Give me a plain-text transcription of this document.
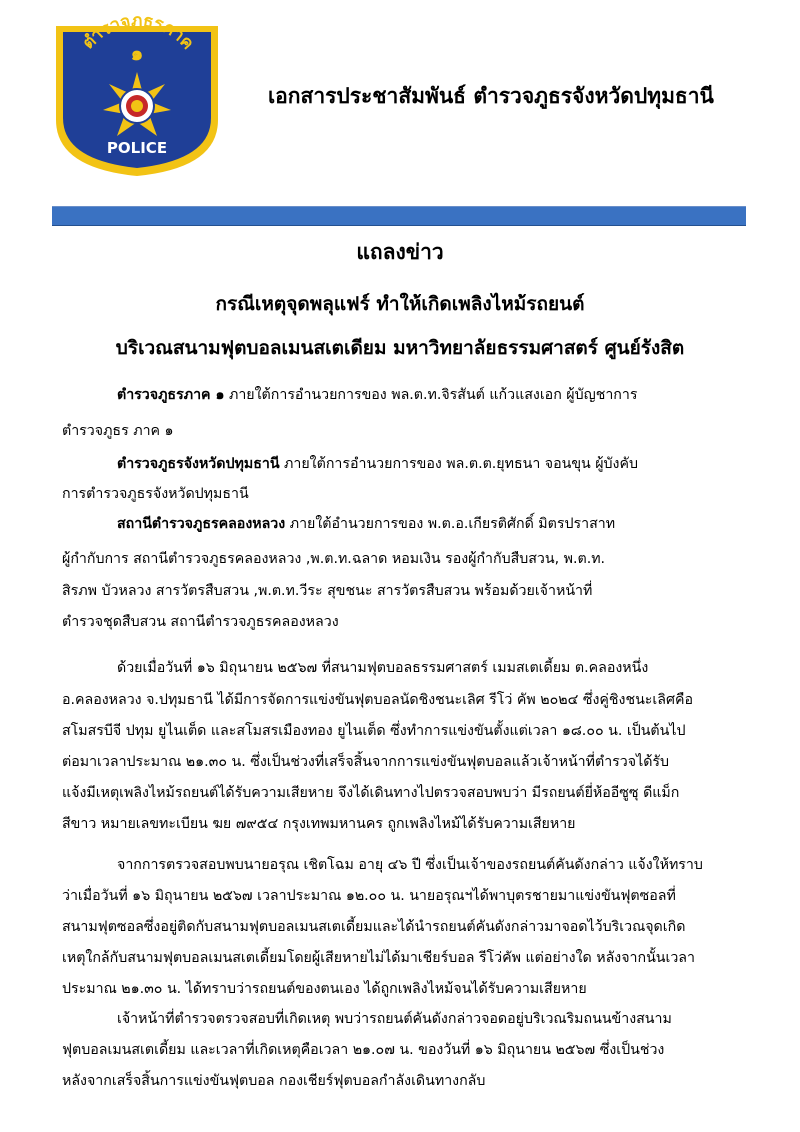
ตำรวจภูธรภาค
๑
POLICE
เอกสารประชาสัมพันธ์ ตำรวจภูธรจังหวัดปทุมธานี
แถลงข่าว
กรณีเหตุจุดพลุแฟร์ ทำให้เกิดเพลิงไหม้รถยนต์
บริเวณสนามฟุตบอลเมนสเตเดียม มหาวิทยาลัยธรรมศาสตร์ ศูนย์รังสิต
ตำรวจภูธรภาค ๑ ภายใต้การอำนวยการของ พล.ต.ท.จิรสันต์ แก้วแสงเอก ผู้บัญชาการ
ตำรวจภูธร ภาค ๑
ตำรวจภูธรจังหวัดปทุมธานี ภายใต้การอำนวยการของ พล.ต.ต.ยุทธนา จอนขุน ผู้บังคับ
การตำรวจภูธรจังหวัดปทุมธานี
สถานีตำรวจภูธรคลองหลวง ภายใต้อำนวยการของ พ.ต.อ.เกียรติศักดิ์ มิตรปราสาท
ผู้กำกับการ สถานีตำรวจภูธรคลองหลวง ,พ.ต.ท.ฉลาด หอมเงิน รองผู้กำกับสืบสวน, พ.ต.ท.
สิรภพ บัวหลวง สารวัตรสืบสวน ,พ.ต.ท.วีระ สุขชนะ สารวัตรสืบสวน พร้อมด้วยเจ้าหน้าที่
ตำรวจชุดสืบสวน สถานีตำรวจภูธรคลองหลวง
ด้วยเมื่อวันที่ ๑๖ มิถุนายน ๒๕๖๗ ที่สนามฟุตบอลธรรมศาสตร์ เมมสเตเดี้ยม ต.คลองหนึ่ง
อ.คลองหลวง จ.ปทุมธานี ได้มีการจัดการแข่งขันฟุตบอลนัดชิงชนะเลิศ รีโว่ คัพ ๒๐๒๔ ซึ่งคู่ชิงชนะเลิศคือ
สโมสรบีจี ปทุม ยูไนเต็ด และสโมสรเมืองทอง ยูไนเต็ด ซึ่งทำการแข่งขันตั้งแต่เวลา ๑๘.๐๐ น. เป็นต้นไป
ต่อมาเวลาประมาณ ๒๑.๓๐ น. ซึ่งเป็นช่วงที่เสร็จสิ้นจากการแข่งขันฟุตบอลแล้วเจ้าหน้าที่ตำรวจได้รับ
แจ้งมีเหตุเพลิงไหม้รถยนต์ได้รับความเสียหาย จึงได้เดินทางไปตรวจสอบพบว่า มีรถยนต์ยี่ห้ออีซูซุ ดีแม็ก
สีขาว หมายเลขทะเบียน ฆย ๗๙๕๔ กรุงเทพมหานคร ถูกเพลิงไหม้ได้รับความเสียหาย
จากการตรวจสอบพบนายอรุณ เชิตโฉม อายุ ๔๖ ปี ซึ่งเป็นเจ้าของรถยนต์คันดังกล่าว แจ้งให้ทราบ
ว่าเมื่อวันที่ ๑๖ มิถุนายน ๒๕๖๗ เวลาประมาณ ๑๒.๐๐ น. นายอรุณฯได้พาบุตรชายมาแข่งขันฟุตซอลที่
สนามฟุตซอลซึ่งอยู่ติดกับสนามฟุตบอลเมนสเตเดี้ยมและได้นำรถยนต์คันดังกล่าวมาจอดไว้บริเวณจุดเกิด
เหตุใกล้กับสนามฟุตบอลเมนสเตเดี้ยมโดยผู้เสียหายไม่ได้มาเชียร์บอล รีโว่คัพ แต่อย่างใด หลังจากนั้นเวลา
ประมาณ ๒๑.๓๐ น. ได้ทราบว่ารถยนต์ของตนเอง ได้ถูกเพลิงไหม้จนได้รับความเสียหาย
เจ้าหน้าที่ตำรวจตรวจสอบที่เกิดเหตุ พบว่ารถยนต์คันดังกล่าวจอดอยู่บริเวณริมถนนข้างสนาม
ฟุตบอลเมนสเตเดี้ยม และเวลาที่เกิดเหตุคือเวลา ๒๑.๐๗ น. ของวันที่ ๑๖ มิถุนายน ๒๕๖๗ ซึ่งเป็นช่วง
หลังจากเสร็จสิ้นการแข่งขันฟุตบอล กองเชียร์ฟุตบอลกำลังเดินทางกลับ
